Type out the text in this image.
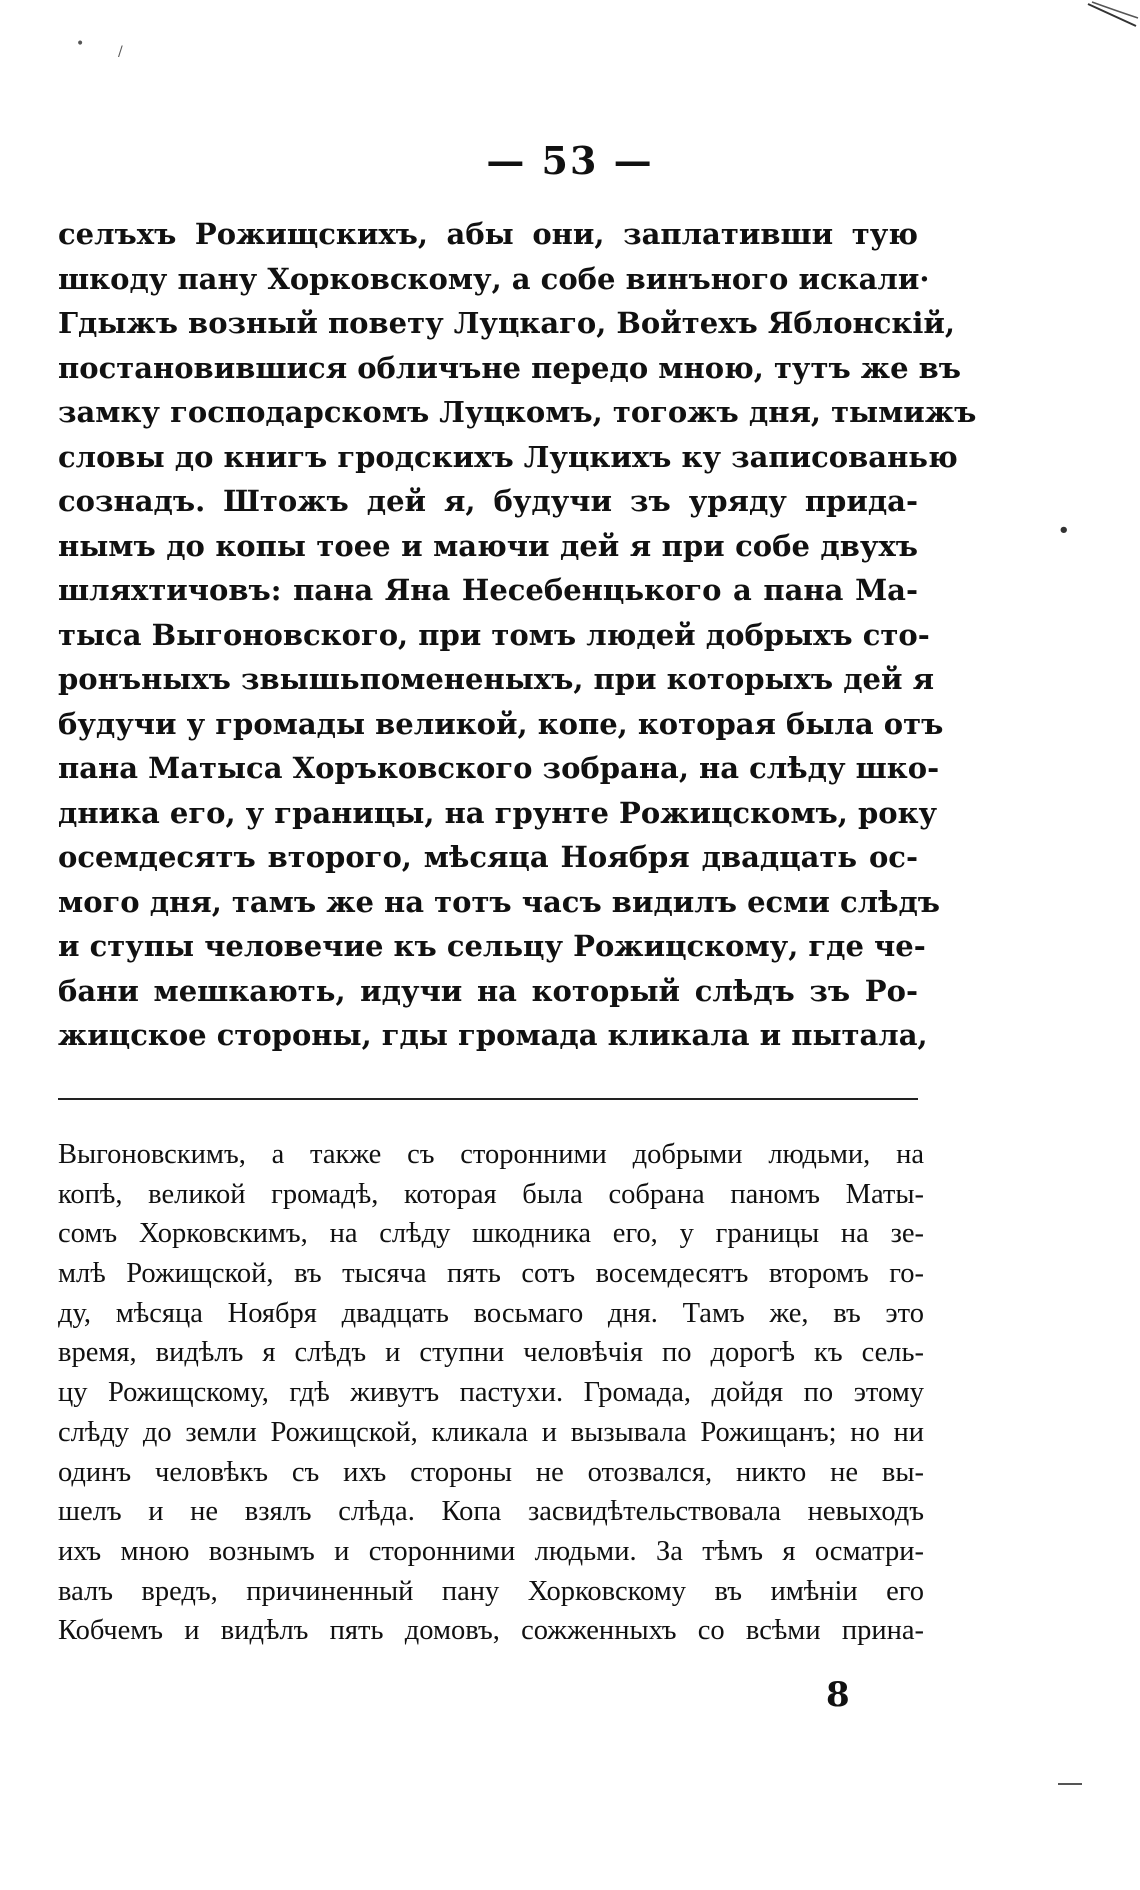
• /
— 53 —
селъхъ Рожищскихъ, абы они, заплативши тую
шкоду пану Хорковскому, а собе винъного искали·
Гдыжъ возный повету Луцкаго, Войтехъ Яблонскій,
постановившися обличъне передо мною, тутъ же въ
замку господарскомъ Луцкомъ, тогожъ дня, тымижъ
словы до книгъ гродскихъ Луцкихъ ку записованью
сознадъ. Штожъ дей я, будучи зъ уряду прида-
нымъ до копы тоее и маючи дей я при собе двухъ
шляхтичовъ: пана Яна Несебенцького а пана Ма-
тыса Выгоновского, при томъ людей добрыхъ сто-
ронъныхъ звышьпомененыхъ, при которыхъ дей я
будучи у громады великой, копе, которая была отъ
пана Матыса Хоръковского зобрана, на слѣду шко-
дника его, у границы, на грунте Рожицскомъ, року
осемдесятъ второго, мѣсяца Ноября двадцать ос-
мого дня, тамъ же на тотъ часъ видилъ есми слѣдъ
и ступы человечие къ сельцу Рожицскому, где че-
бани мешкають, идучи на который слѣдъ зъ Ро-
жицское стороны, гды громада кликала и пытала,
•
Выгоновскимъ, а также съ сторонними добрыми людьми, на
копѣ, великой громадѣ, которая была собрана паномъ Маты-
сомъ Хорковскимъ, на слѣду шкодника его, у границы на зе-
млѣ Рожищской, въ тысяча пять сотъ восемдесятъ второмъ го-
ду, мѣсяца Ноября двадцать восьмаго дня. Тамъ же, въ это
время, видѣлъ я слѣдъ и ступни человѣчія по дорогѣ къ сель-
цу Рожищскому, гдѣ живутъ пастухи. Громада, дойдя по этому
слѣду до земли Рожищской, кликала и вызывала Рожищанъ; но ни
одинъ человѣкъ съ ихъ стороны не отозвался, никто не вы-
шелъ и не взялъ слѣда. Копа засвидѣтельствовала невыходъ
ихъ мною вознымъ и сторонними людьми. За тѣмъ я осматри-
валъ вредъ, причиненный пану Хорковскому въ имѣніи его
Кобчемъ и видѣлъ пять домовъ, сожженныхъ со всѣми прина-
8
